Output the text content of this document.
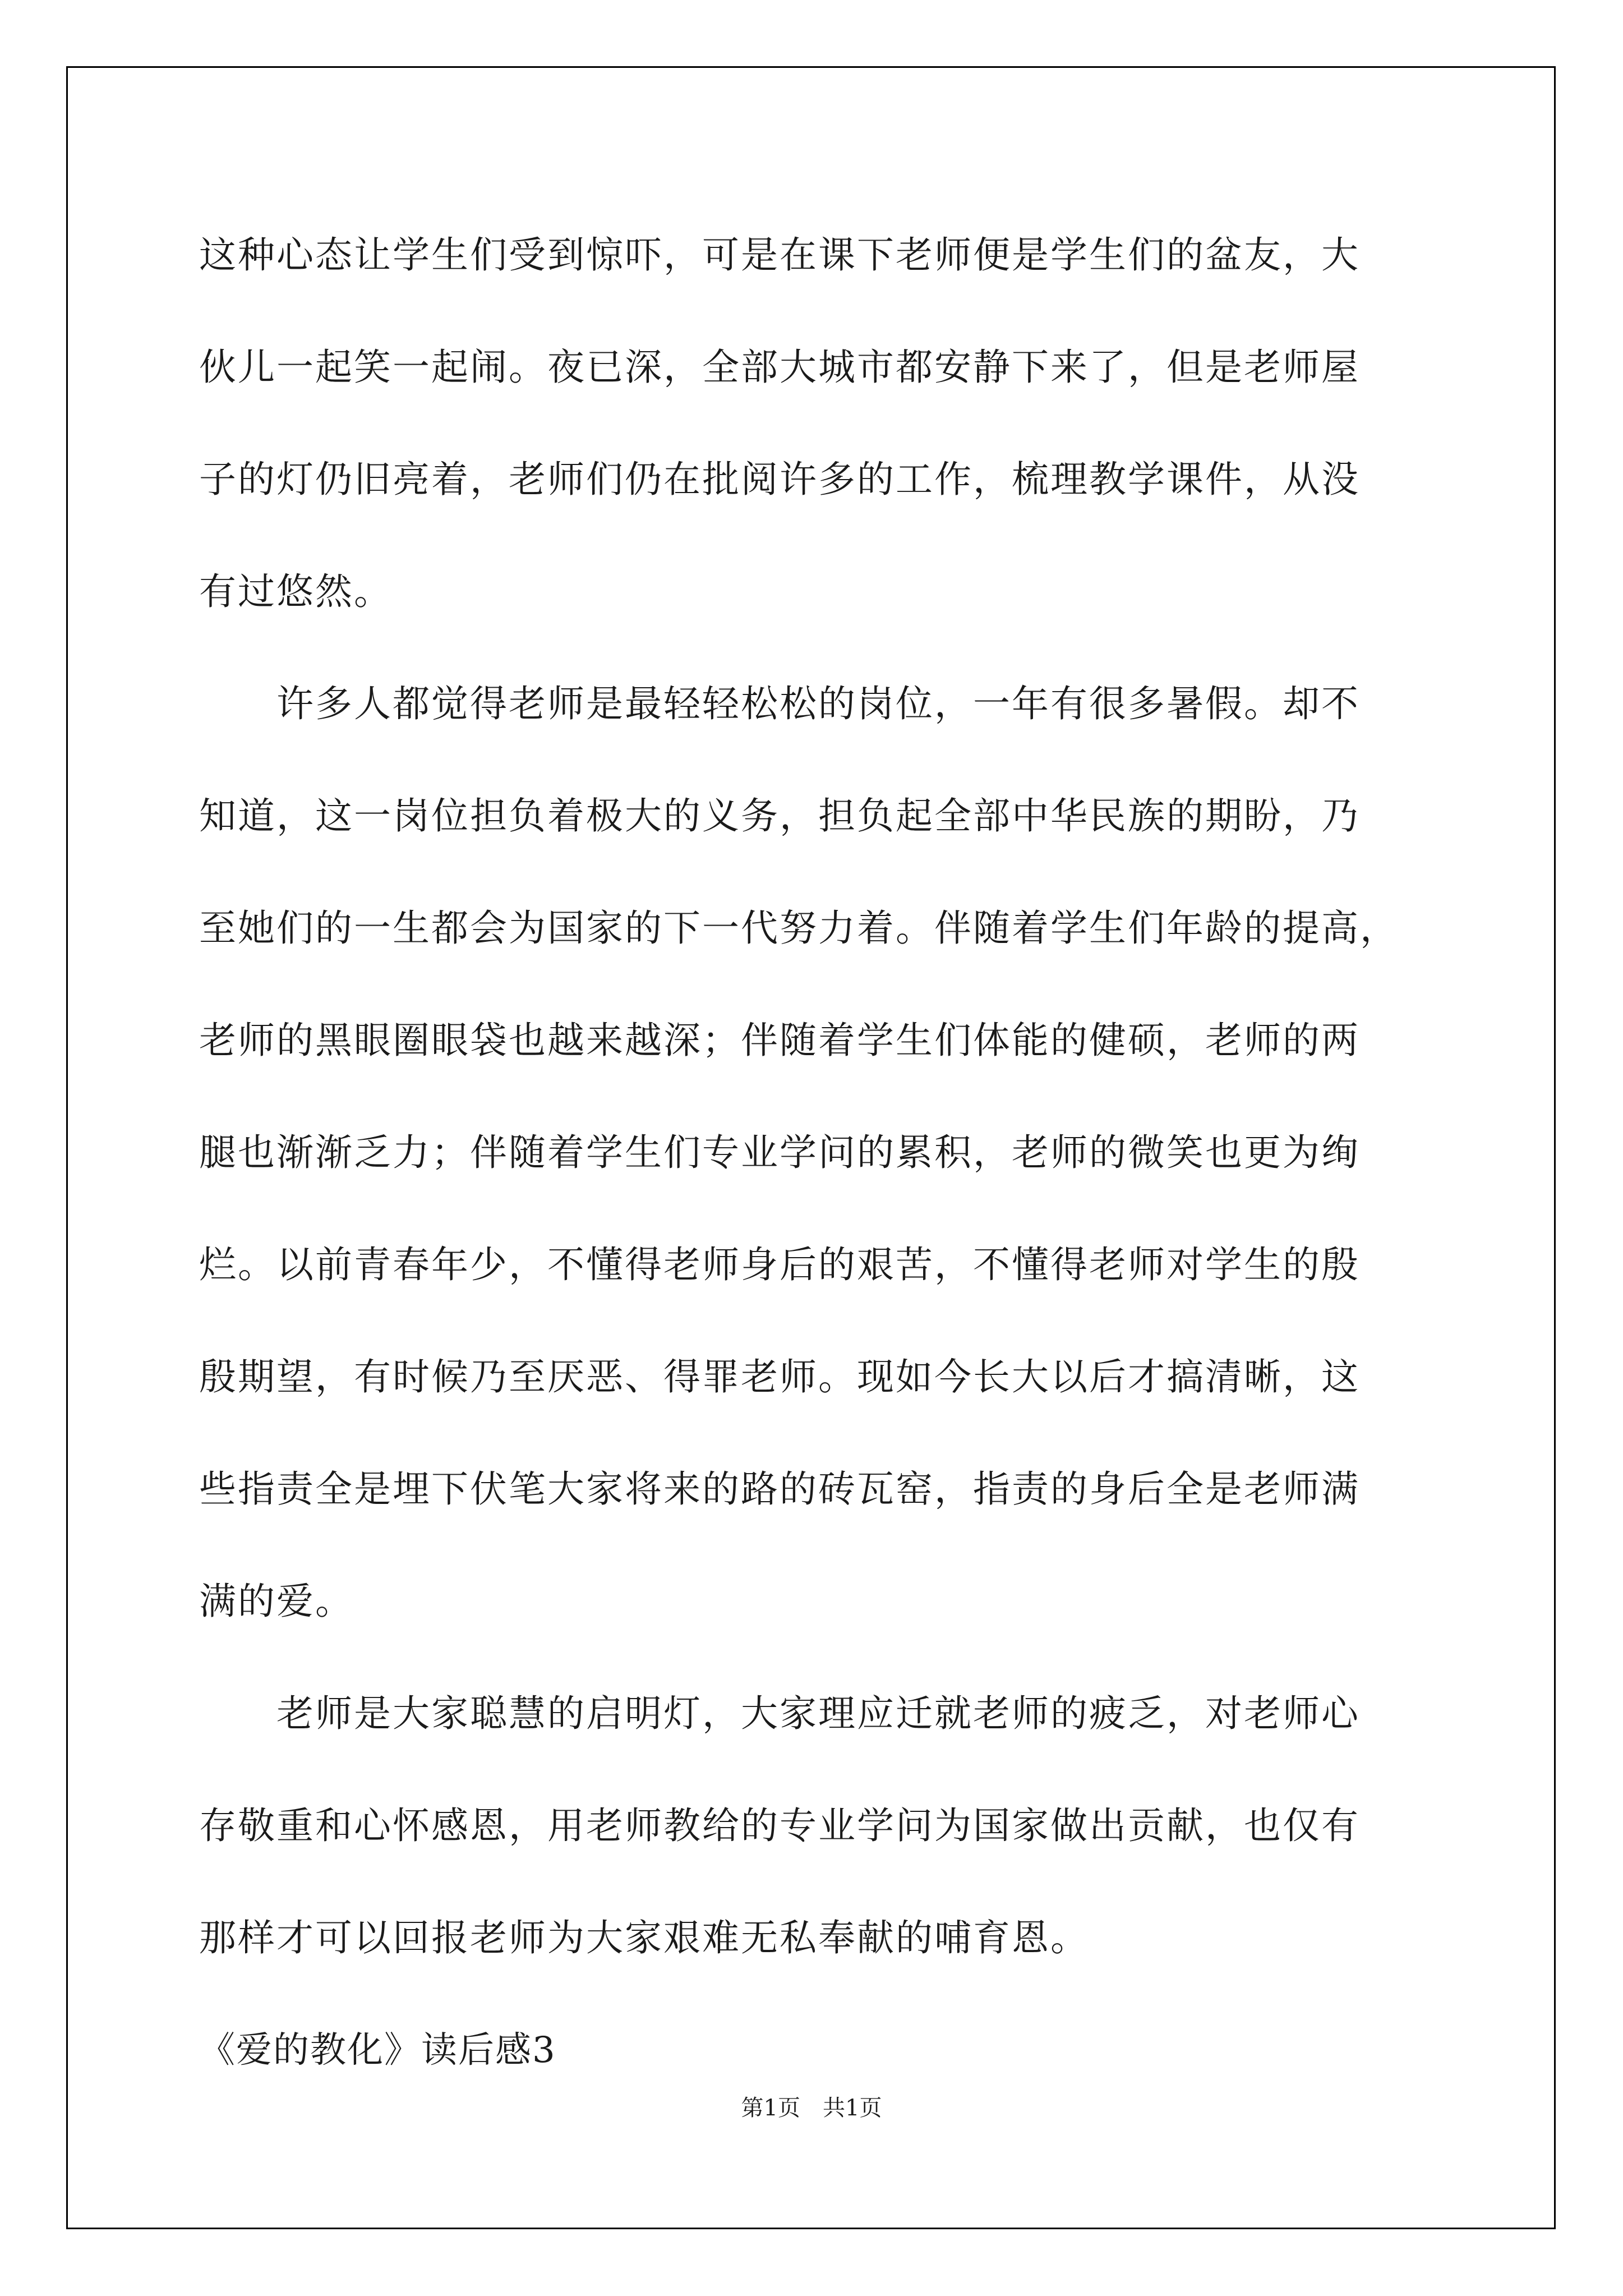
这种心态让学生们受到惊吓，可是在课下老师便是学生们的盆友，大
伙儿一起笑一起闹。夜已深，全部大城市都安静下来了，但是老师屋
子的灯仍旧亮着，老师们仍在批阅许多的工作，梳理教学课件，从没
有过悠然。
　　许多人都觉得老师是最轻轻松松的岗位，一年有很多暑假。却不
知道，这一岗位担负着极大的义务，担负起全部中华民族的期盼，乃
至她们的一生都会为国家的下一代努力着。伴随着学生们年龄的提高，
老师的黑眼圈眼袋也越来越深；伴随着学生们体能的健硕，老师的两
腿也渐渐乏力；伴随着学生们专业学问的累积，老师的微笑也更为绚
烂。以前青春年少，不懂得老师身后的艰苦，不懂得老师对学生的殷
殷期望，有时候乃至厌恶、得罪老师。现如今长大以后才搞清晰，这
些指责全是埋下伏笔大家将来的路的砖瓦窑，指责的身后全是老师满
满的爱。
　　老师是大家聪慧的启明灯，大家理应迁就老师的疲乏，对老师心
存敬重和心怀感恩，用老师教给的专业学问为国家做出贡献，也仅有
那样才可以回报老师为大家艰难无私奉献的哺育恩。
《爱的教化》读后感3
第1页 共1页
